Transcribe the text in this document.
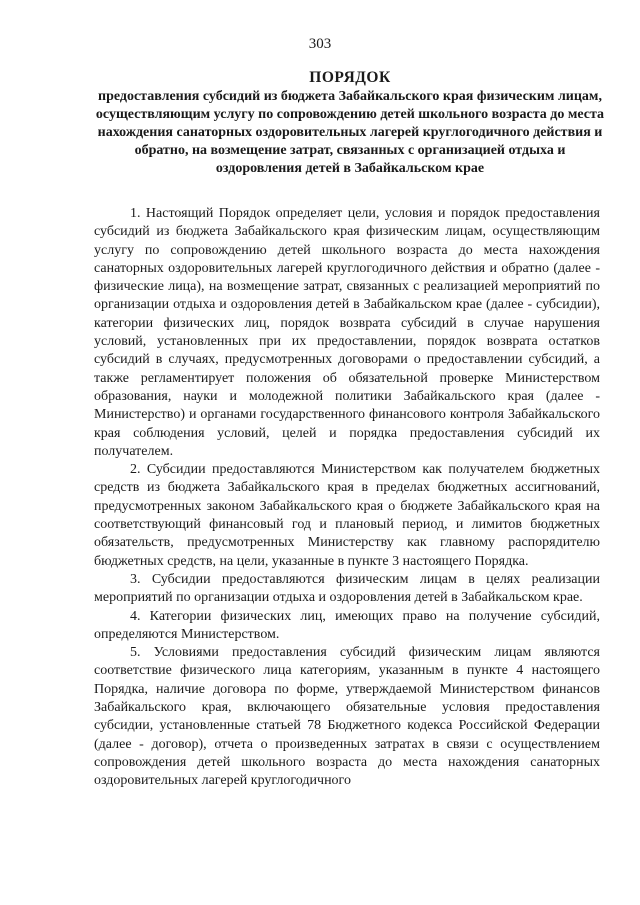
303
ПОРЯДОК
предоставления субсидий из бюджета Забайкальского края физическим лицам, осуществляющим услугу по сопровождению детей школьного возраста до места нахождения санаторных оздоровительных лагерей круглогодичного действия и обратно, на возмещение затрат, связанных с организацией отдыха и оздоровления детей в Забайкальском крае

1. Настоящий Порядок определяет цели, условия и порядок предоставления субсидий из бюджета Забайкальского края физическим лицам, осуществляющим услугу по сопровождению детей школьного возраста до места нахождения санаторных оздоровительных лагерей круглогодичного действия и обратно (далее - физические лица), на возмещение затрат, связанных с реализацией мероприятий по организации отдыха и оздоровления детей в Забайкальском крае (далее - субсидии), категории физических лиц, порядок возврата субсидий в случае нарушения условий, установленных при их предоставлении, порядок возврата остатков субсидий в случаях, предусмотренных договорами о предоставлении субсидий, а также регламентирует положения об обязательной проверке Министерством образования, науки и молодежной политики Забайкальского края (далее - Министерство) и органами государственного финансового контроля Забайкальского края соблюдения условий, целей и порядка предоставления субсидий их получателем.

2. Субсидии предоставляются Министерством как получателем бюджетных средств из бюджета Забайкальского края в пределах бюджетных ассигнований, предусмотренных законом Забайкальского края о бюджете Забайкальского края на соответствующий финансовый год и плановый период, и лимитов бюджетных обязательств, предусмотренных Министерству как главному распорядителю бюджетных средств, на цели, указанные в пункте 3 настоящего Порядка.

3. Субсидии предоставляются физическим лицам в целях реализации мероприятий по организации отдыха и оздоровления детей в Забайкальском крае.

4. Категории физических лиц, имеющих право на получение субсидий, определяются Министерством.

5. Условиями предоставления субсидий физическим лицам являются соответствие физического лица категориям, указанным в пункте 4 настоящего Порядка, наличие договора по форме, утверждаемой Министерством финансов Забайкальского края, включающего обязательные условия предоставления субсидии, установленные статьей 78 Бюджетного кодекса Российской Федерации (далее - договор), отчета о произведенных затратах в связи с осуществлением сопровождения детей школьного возраста до места нахождения санаторных оздоровительных лагерей круглогодичного
